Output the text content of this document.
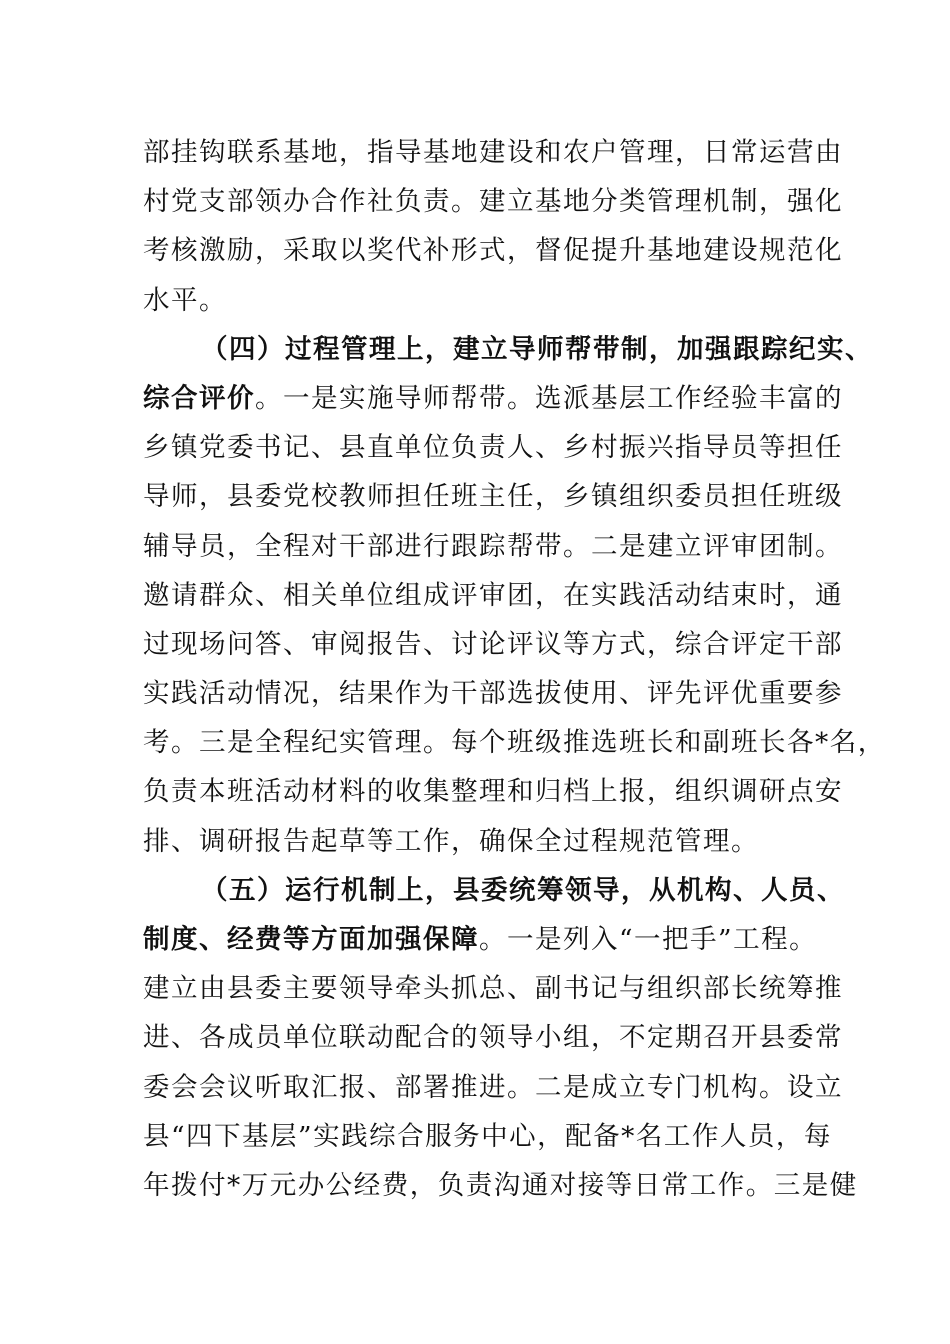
部挂钩联系基地，指导基地建设和农户管理，日常运营由
村党支部领办合作社负责。建立基地分类管理机制，强化
考核激励，采取以奖代补形式，督促提升基地建设规范化
水平。
（四）过程管理上，建立导师帮带制，加强跟踪纪实、
综合评价。一是实施导师帮带。选派基层工作经验丰富的
乡镇党委书记、县直单位负责人、乡村振兴指导员等担任
导师，县委党校教师担任班主任，乡镇组织委员担任班级
辅导员，全程对干部进行跟踪帮带。二是建立评审团制。
邀请群众、相关单位组成评审团，在实践活动结束时，通
过现场问答、审阅报告、讨论评议等方式，综合评定干部
实践活动情况，结果作为干部选拔使用、评先评优重要参
考。三是全程纪实管理。每个班级推选班长和副班长各*名，
负责本班活动材料的收集整理和归档上报，组织调研点安
排、调研报告起草等工作，确保全过程规范管理。
（五）运行机制上，县委统筹领导，从机构、人员、
制度、经费等方面加强保障。一是列入“一把手”工程。
建立由县委主要领导牵头抓总、副书记与组织部长统筹推
进、各成员单位联动配合的领导小组，不定期召开县委常
委会会议听取汇报、部署推进。二是成立专门机构。设立
县“四下基层”实践综合服务中心，配备*名工作人员，每
年拨付*万元办公经费，负责沟通对接等日常工作。三是健
